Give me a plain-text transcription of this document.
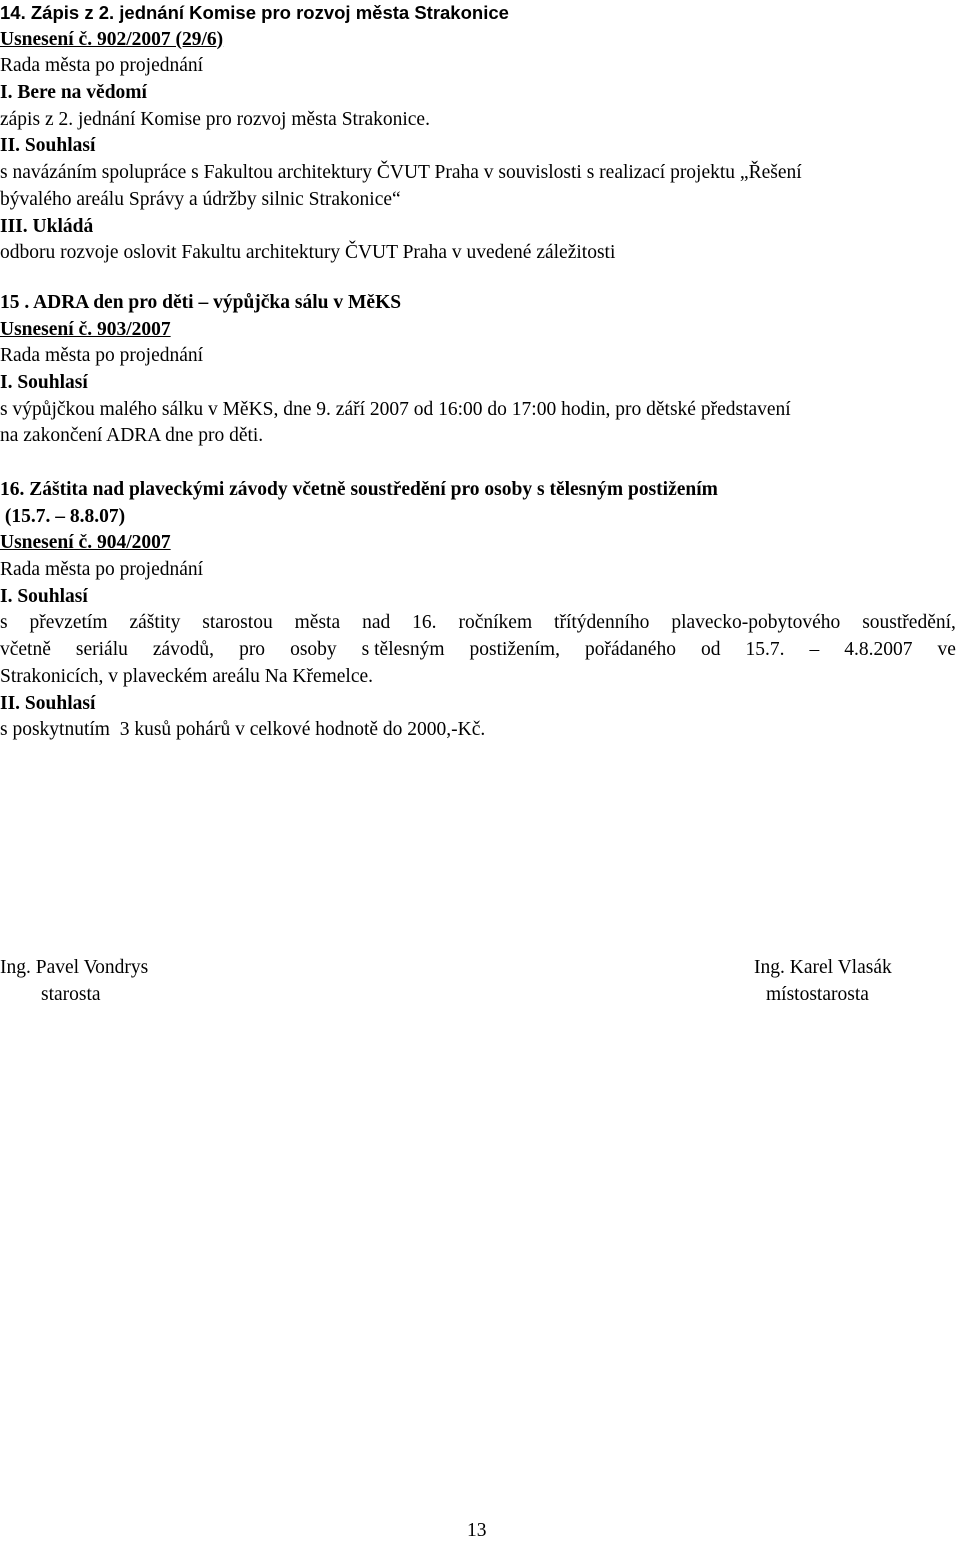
14. Zápis z 2. jednání Komise pro rozvoj města Strakonice
Usnesení č. 902/2007 (29/6)
Rada města po projednání
I. Bere na vědomí
zápis z 2. jednání Komise pro rozvoj města Strakonice.
II. Souhlasí
s navázáním spolupráce s Fakultou architektury ČVUT Praha v souvislosti s realizací projektu „Řešení
bývalého areálu Správy a údržby silnic Strakonice“
III. Ukládá
odboru rozvoje oslovit Fakultu architektury ČVUT Praha v uvedené záležitosti
15 . ADRA den pro děti – výpůjčka sálu v MěKS
Usnesení č. 903/2007
Rada města po projednání
I. Souhlasí
s výpůjčkou malého sálku v MěKS, dne 9. září 2007 od 16:00 do 17:00 hodin, pro dětské představení
na zakončení ADRA dne pro děti.
16. Záštita nad plaveckými závody včetně soustředění pro osoby s tělesným postižením
(15.7. – 8.8.07)
Usnesení č. 904/2007
Rada města po projednání
I. Souhlasí
s převzetím záštity starostou města nad 16. ročníkem třítýdenního plavecko-pobytového soustředění,
včetně seriálu závodů, pro osoby s tělesným postižením, pořádaného od 15.7. – 4.8.2007 ve
Strakonicích, v plaveckém areálu Na Křemelce.
II. Souhlasí
s poskytnutím  3 kusů pohárů v celkové hodnotě do 2000,-Kč.
Ing. Pavel Vondrys
starosta
Ing. Karel Vlasák
místostarosta
13
